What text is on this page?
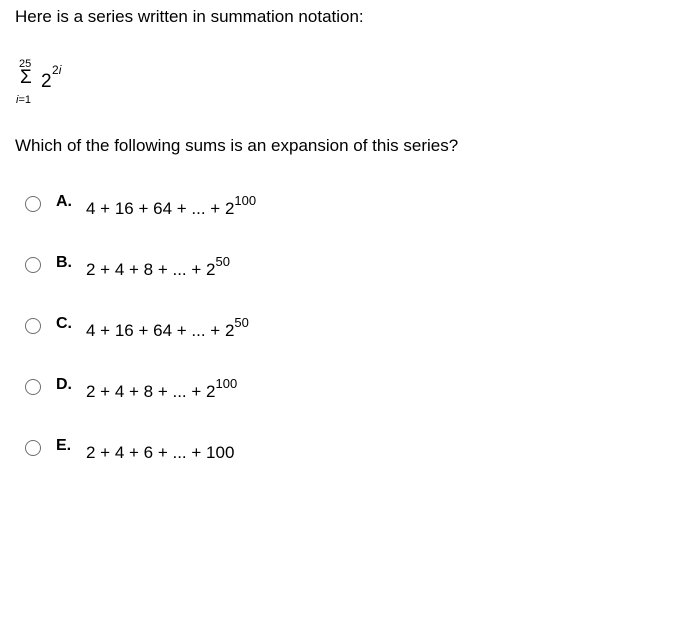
Here is a series written in summation notation:
25
Σ
i=1
2
2i
Which of the following sums is an expansion of this series?
A. 4 + 16 + 64 + ... + $2^{100}$
B. 2 + 4 + 8 + ... + $2^{50}$
C. 4 + 16 + 64 + ... + $2^{50}$
D. 2 + 4 + 8 + ... + $2^{100}$
E. 2 + 4 + 6 + ... + 100
